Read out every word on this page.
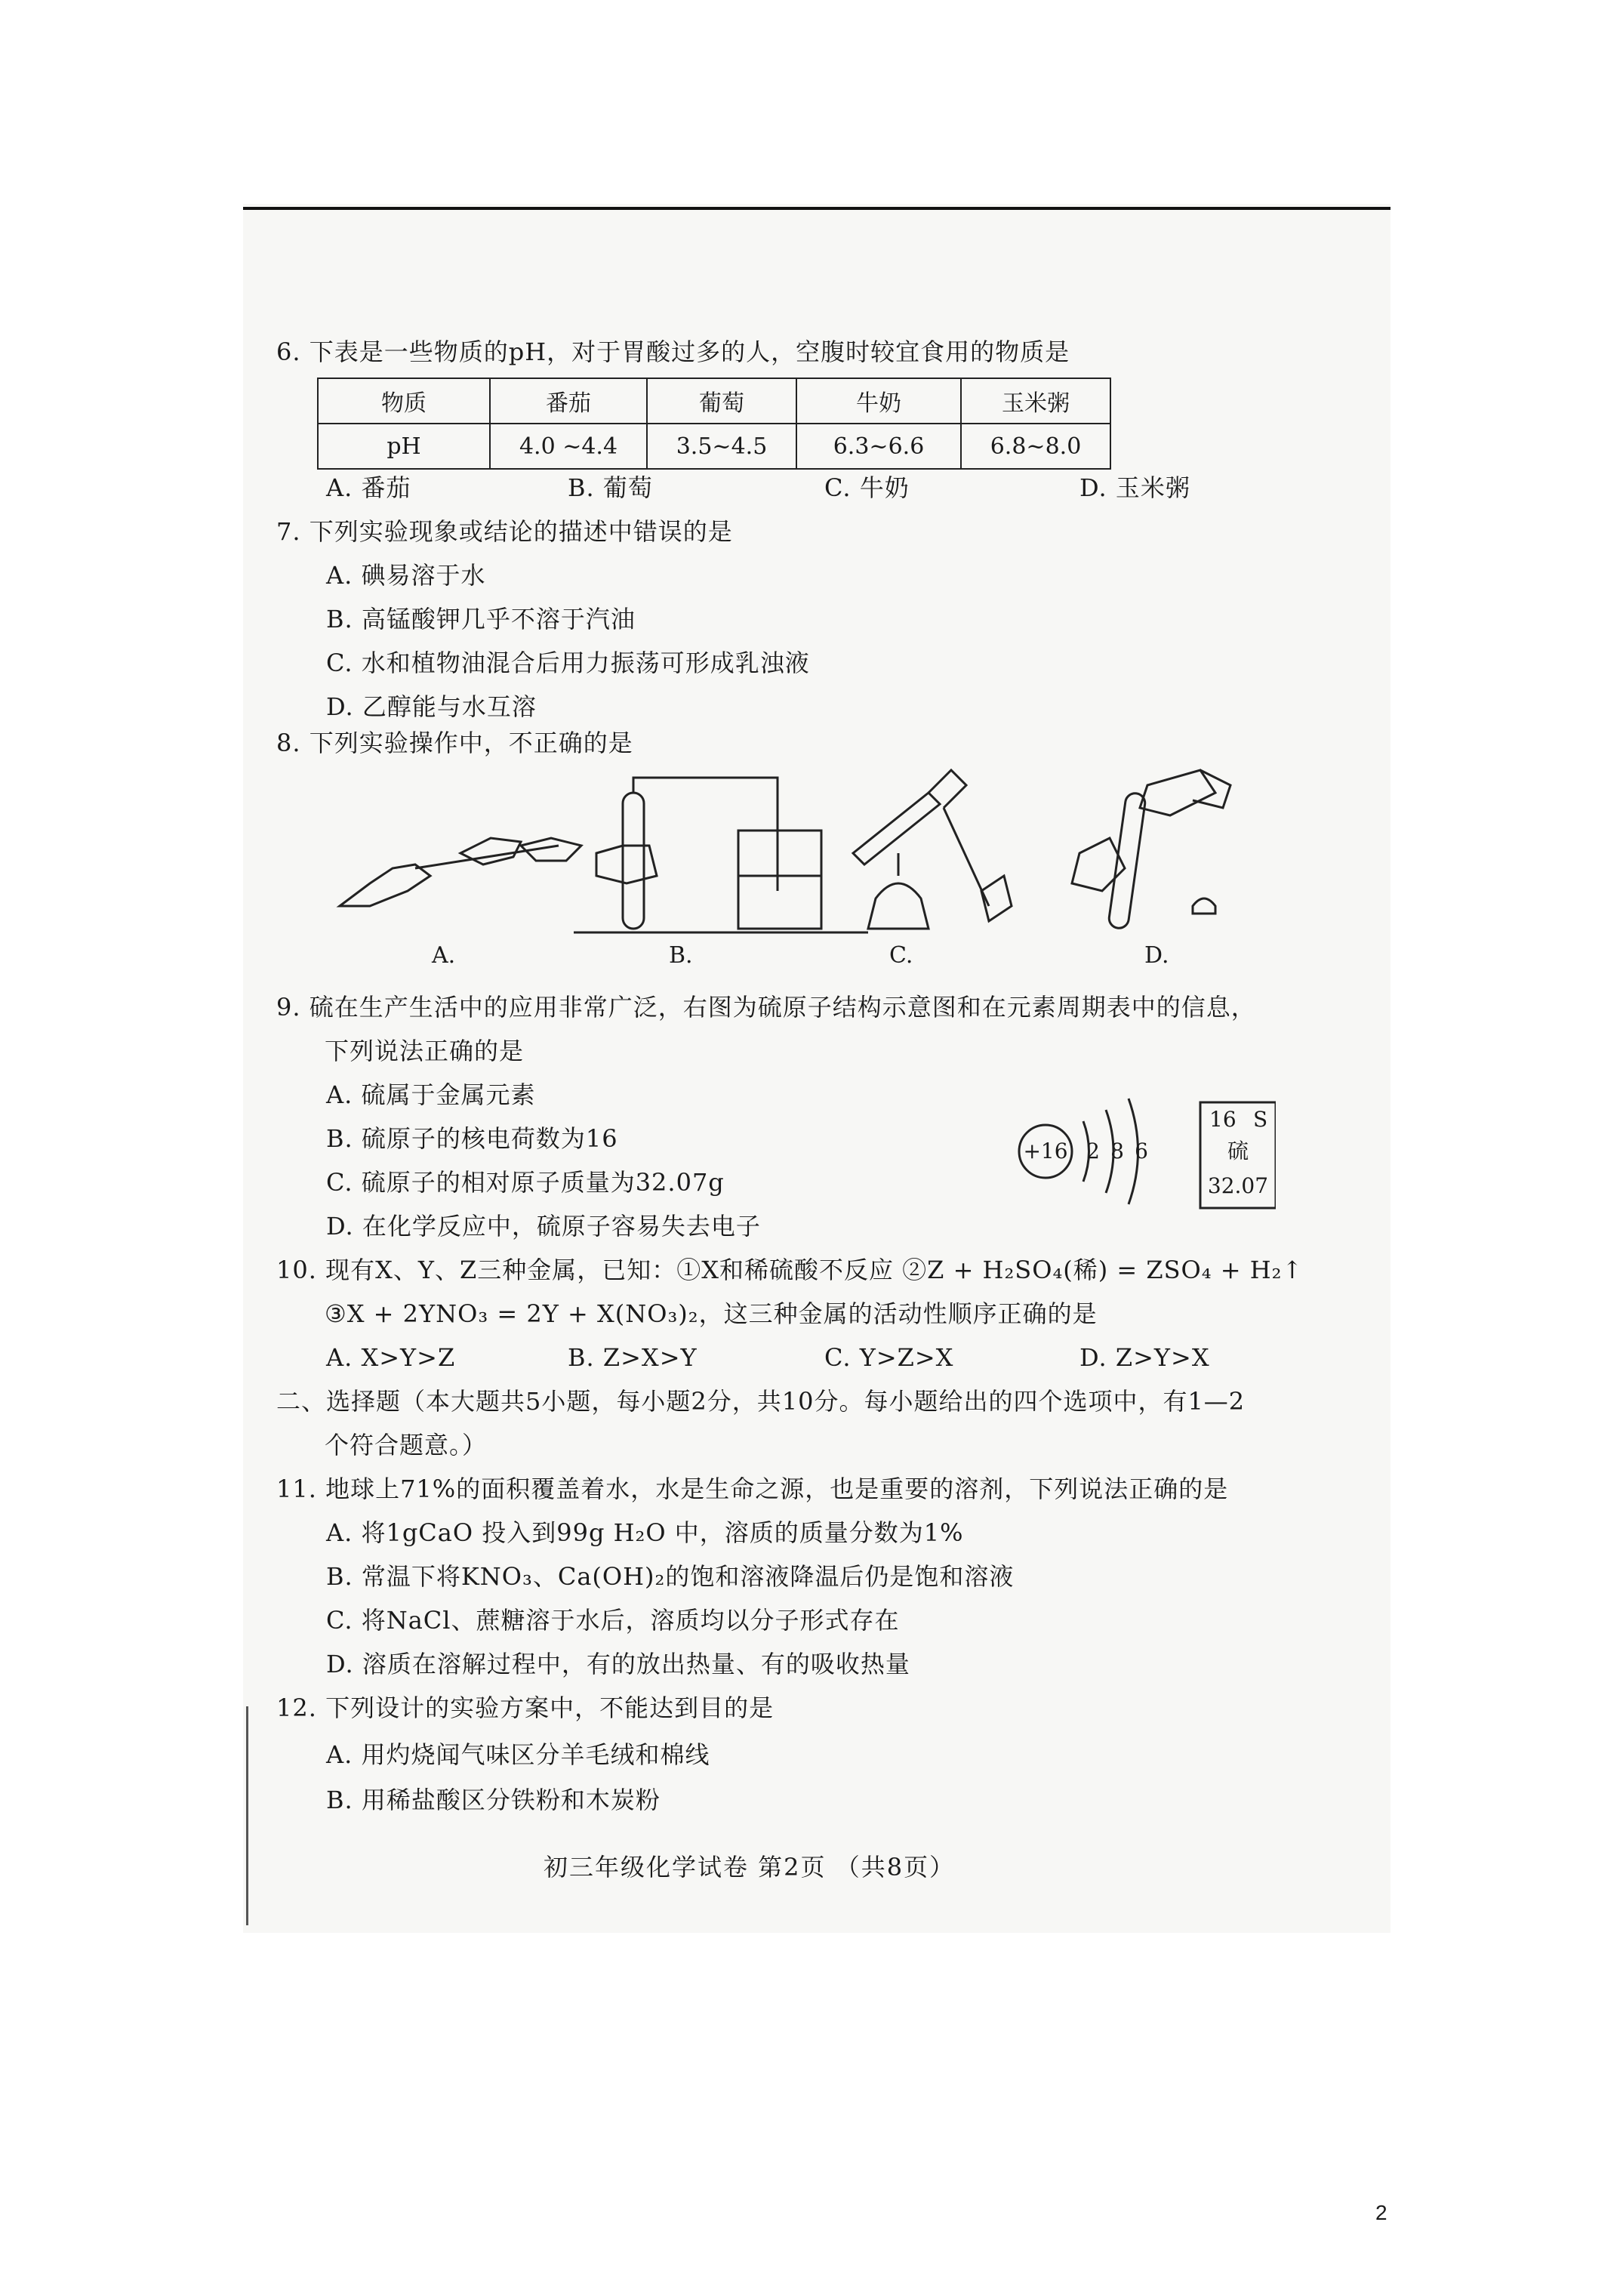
6. 下表是一些物质的pH，对于胃酸过多的人，空腹时较宜食用的物质是
物质	番茄	葡萄	牛奶	玉米粥
pH	4.0 ~4.4	3.5~4.5	6.3~6.6	6.8~8.0
A. 番茄	B. 葡萄	C. 牛奶	D. 玉米粥
7. 下列实验现象或结论的描述中错误的是
A. 碘易溶于水
B. 高锰酸钾几乎不溶于汽油
C. 水和植物油混合后用力振荡可形成乳浊液
D. 乙醇能与水互溶
8. 下列实验操作中，不正确的是
A.	B.	C.	D.
9. 硫在生产生活中的应用非常广泛，右图为硫原子结构示意图和在元素周期表中的信息，
下列说法正确的是
A. 硫属于金属元素
B. 硫原子的核电荷数为16
C. 硫原子的相对原子质量为32.07g
D. 在化学反应中，硫原子容易失去电子
+16 2 8 6
16 S
硫
32.07
10. 现有X、Y、Z三种金属，已知：①X和稀硫酸不反应 ②Z + H₂SO₄(稀) = ZSO₄ + H₂↑
③X + 2YNO₃ = 2Y + X(NO₃)₂，这三种金属的活动性顺序正确的是
A. X>Y>Z	B. Z>X>Y	C. Y>Z>X	D. Z>Y>X
二、选择题（本大题共5小题，每小题2分，共10分。每小题给出的四个选项中，有1—2
个符合题意。）
11. 地球上71%的面积覆盖着水，水是生命之源，也是重要的溶剂，下列说法正确的是
A. 将1gCaO 投入到99g H₂O 中，溶质的质量分数为1%
B. 常温下将KNO₃、Ca(OH)₂的饱和溶液降温后仍是饱和溶液
C. 将NaCl、蔗糖溶于水后，溶质均以分子形式存在
D. 溶质在溶解过程中，有的放出热量、有的吸收热量
12. 下列设计的实验方案中，不能达到目的是
A. 用灼烧闻气味区分羊毛绒和棉线
B. 用稀盐酸区分铁粉和木炭粉
初三年级化学试卷 第2页 （共8页）
2
